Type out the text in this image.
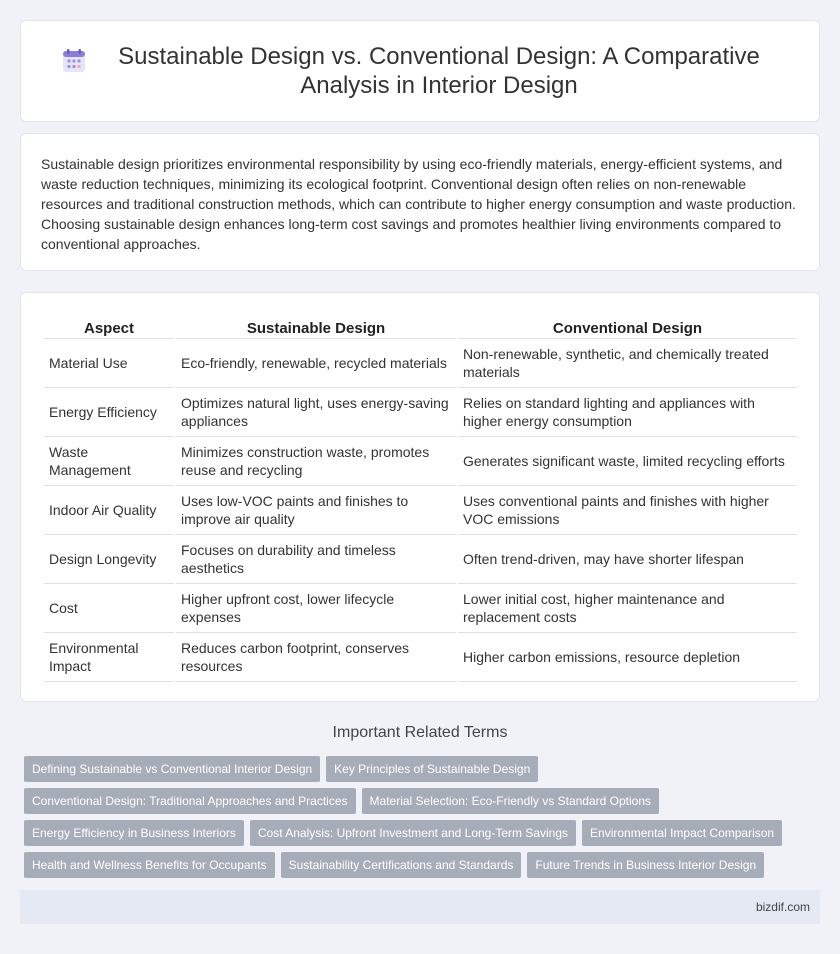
Sustainable Design vs. Conventional Design: A Comparative Analysis in Interior Design

Sustainable design prioritizes environmental responsibility by using eco-friendly materials, energy-efficient systems, and waste reduction techniques, minimizing its ecological footprint. Conventional design often relies on non-renewable resources and traditional construction methods, which can contribute to higher energy consumption and waste production. Choosing sustainable design enhances long-term cost savings and promotes healthier living environments compared to conventional approaches.

Aspect	Sustainable Design	Conventional Design
Material Use	Eco-friendly, renewable, recycled materials	Non-renewable, synthetic, and chemically treated materials
Energy Efficiency	Optimizes natural light, uses energy-saving appliances	Relies on standard lighting and appliances with higher energy consumption
Waste Management	Minimizes construction waste, promotes reuse and recycling	Generates significant waste, limited recycling efforts
Indoor Air Quality	Uses low-VOC paints and finishes to improve air quality	Uses conventional paints and finishes with higher VOC emissions
Design Longevity	Focuses on durability and timeless aesthetics	Often trend-driven, may have shorter lifespan
Cost	Higher upfront cost, lower lifecycle expenses	Lower initial cost, higher maintenance and replacement costs
Environmental Impact	Reduces carbon footprint, conserves resources	Higher carbon emissions, resource depletion
Important Related Terms
Defining Sustainable vs Conventional Interior Design	Key Principles of Sustainable Design
Conventional Design: Traditional Approaches and Practices	Material Selection: Eco-Friendly vs Standard Options
Energy Efficiency in Business Interiors	Cost Analysis: Upfront Investment and Long-Term Savings	Environmental Impact Comparison
Health and Wellness Benefits for Occupants	Sustainability Certifications and Standards	Future Trends in Business Interior Design
bizdif.com
